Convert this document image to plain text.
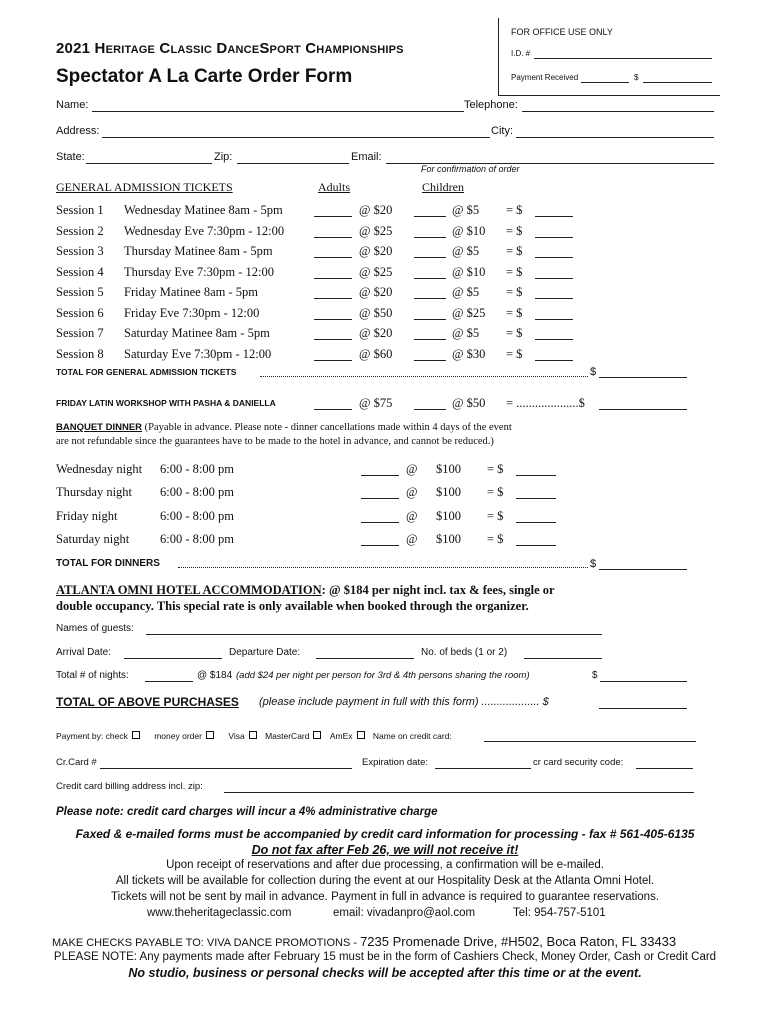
FOR OFFICE USE ONLY
I.D. #
Payment Received	$
2021 Heritage Classic DanceSport Championships
Spectator A La Carte Order Form
Name:	Telephone:
Address:	City:
State:	Zip:	Email:
For confirmation of order
GENERAL ADMISSION TICKETS	Adults	Children
Session 1 Wednesday Matinee 8am - 5pm	@ $20	@ $5 = $
Session 2 Wednesday Eve 7:30pm - 12:00	@ $25	@ $10 = $
Session 3 Thursday Matinee 8am - 5pm	@ $20	@ $5 = $
Session 4 Thursday Eve 7:30pm - 12:00	@ $25	@ $10 = $
Session 5 Friday Matinee 8am - 5pm	@ $20	@ $5 = $
Session 6 Friday Eve 7:30pm - 12:00	@ $50	@ $25 = $
Session 7 Saturday Matinee 8am - 5pm	@ $20	@ $5 = $
Session 8 Saturday Eve 7:30pm - 12:00	@ $60	@ $30 = $
TOTAL FOR GENERAL ADMISSION TICKETS	$
FRIDAY LATIN WORKSHOP WITH PASHA & DANIELLA	@ $75	@ $50 = ....................$
BANQUET DINNER (Payable in advance. Please note - dinner cancellations made within 4 days of the event
are not refundable since the guarantees have to be made to the hotel in advance, and cannot be reduced.)
Wednesday night 6:00 - 8:00 pm	@ $100 = $
Thursday night 6:00 - 8:00 pm	@ $100 = $
Friday night	6:00 - 8:00 pm	@ $100 = $
Saturday night 6:00 - 8:00 pm	@ $100 = $
TOTAL FOR DINNERS	$
ATLANTA OMNI HOTEL ACCOMMODATION: @ $184 per night incl. tax & fees, single or
double occupancy. This special rate is only available when booked through the organizer.
Names of guests:
Arrival Date:	Departure Date:	No. of beds (1 or 2)
Total # of nights:	@ $184 (add $24 per night per person for 3rd & 4th persons sharing the room)	$
TOTAL OF ABOVE PURCHASES (please include payment in full with this form) ................... $
Payment by: check	money order	Visa MasterCard AmEx Name on credit card:
Cr.Card #	Expiration date:	cr card security code:
Credit card billing address incl. zip:
Please note: credit card charges will incur a 4% administrative charge
Faxed & e-mailed forms must be accompanied by credit card information for processing - fax # 561-405-6135
Do not fax after Feb 26, we will not receive it!
Upon receipt of reservations and after due processing, a confirmation will be e-mailed.
All tickets will be available for collection during the event at our Hospitality Desk at the Atlanta Omni Hotel.
Tickets will not be sent by mail in advance. Payment in full in advance is required to guarantee reservations.
www.theheritageclassic.com	email: vivadanpro@aol.com	Tel: 954-757-5101
MAKE CHECKS PAYABLE TO: VIVA DANCE PROMOTIONS - 7235 Promenade Drive, #H502, Boca Raton, FL 33433
PLEASE NOTE: Any payments made after February 15 must be in the form of Cashiers Check, Money Order, Cash or Credit Card
No studio, business or personal checks will be accepted after this time or at the event.
